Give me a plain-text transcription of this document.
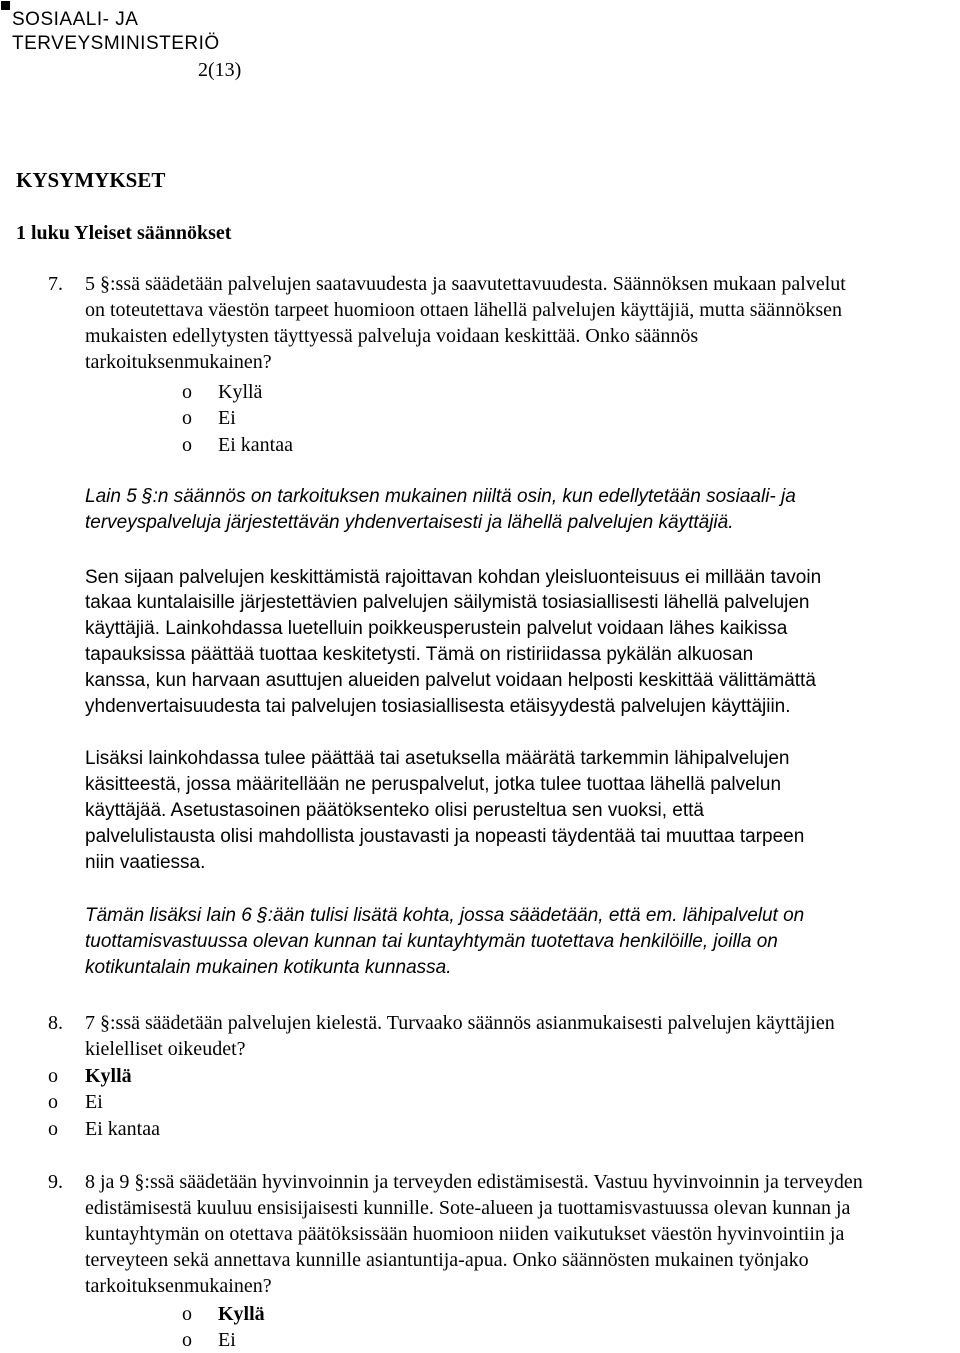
SOSIAALI- JA
TERVEYSMINISTERIÖ
2(13)
KYSYMYKSET
1 luku Yleiset säännökset
7. 5 §:ssä säädetään palvelujen saatavuudesta ja saavutettavuudesta. Säännöksen mukaan palvelut
on toteutettava väestön tarpeet huomioon ottaen lähellä palvelujen käyttäjiä, mutta säännöksen
mukaisten edellytysten täyttyessä palveluja voidaan keskittää. Onko säännös
tarkoituksenmukainen?
o Kyllä
o Ei
o Ei kantaa
Lain 5 §:n säännös on tarkoituksen mukainen niiltä osin, kun edellytetään sosiaali- ja
terveyspalveluja järjestettävän yhdenvertaisesti ja lähellä palvelujen käyttäjiä.
Sen sijaan palvelujen keskittämistä rajoittavan kohdan yleisluonteisuus ei millään tavoin
takaa kuntalaisille järjestettävien palvelujen säilymistä tosiasiallisesti lähellä palvelujen
käyttäjiä. Lainkohdassa luetelluin poikkeusperustein palvelut voidaan lähes kaikissa
tapauksissa päättää tuottaa keskitetysti. Tämä on ristiriidassa pykälän alkuosan
kanssa, kun harvaan asuttujen alueiden palvelut voidaan helposti keskittää välittämättä
yhdenvertaisuudesta tai palvelujen tosiasiallisesta etäisyydestä palvelujen käyttäjiin.
Lisäksi lainkohdassa tulee päättää tai asetuksella määrätä tarkemmin lähipalvelujen
käsitteestä, jossa määritellään ne peruspalvelut, jotka tulee tuottaa lähellä palvelun
käyttäjää. Asetustasoinen päätöksenteko olisi perusteltua sen vuoksi, että
palvelulistausta olisi mahdollista joustavasti ja nopeasti täydentää tai muuttaa tarpeen
niin vaatiessa.
Tämän lisäksi lain 6 §:ään tulisi lisätä kohta, jossa säädetään, että em. lähipalvelut on
tuottamisvastuussa olevan kunnan tai kuntayhtymän tuotettava henkilöille, joilla on
kotikuntalain mukainen kotikunta kunnassa.
8. 7 §:ssä säädetään palvelujen kielestä. Turvaako säännös asianmukaisesti palvelujen käyttäjien
kielelliset oikeudet?
o Kyllä
o Ei
o Ei kantaa
9. 8 ja 9 §:ssä säädetään hyvinvoinnin ja terveyden edistämisestä. Vastuu hyvinvoinnin ja terveyden
edistämisestä kuuluu ensisijaisesti kunnille. Sote-alueen ja tuottamisvastuussa olevan kunnan ja
kuntayhtymän on otettava päätöksissään huomioon niiden vaikutukset väestön hyvinvointiin ja
terveyteen sekä annettava kunnille asiantuntija-apua. Onko säännösten mukainen työnjako
tarkoituksenmukainen?
o Kyllä
o Ei
